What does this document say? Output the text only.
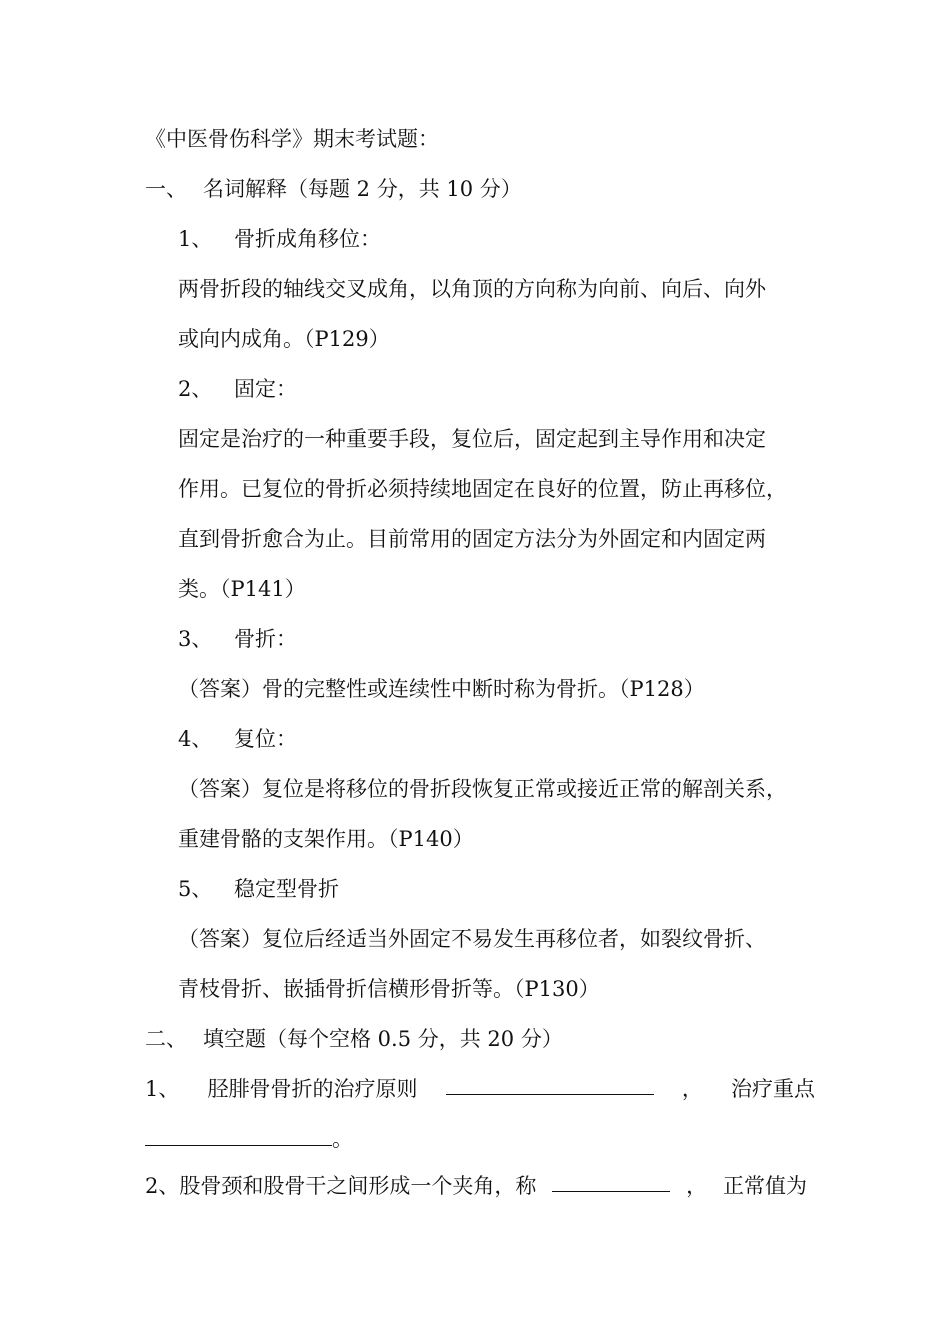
《中医骨伤科学》期末考试题：
一、 名词解释（每题 2 分，共 10 分）
1、 骨折成角移位：
两骨折段的轴线交叉成角，以角顶的方向称为向前、向后、向外
或向内成角。（P129）
2、 固定：
固定是治疗的一种重要手段，复位后，固定起到主导作用和决定
作用。已复位的骨折必须持续地固定在良好的位置，防止再移位，
直到骨折愈合为止。目前常用的固定方法分为外固定和内固定两
类。（P141）
3、 骨折：
（答案）骨的完整性或连续性中断时称为骨折。（P128）
4、 复位：
（答案）复位是将移位的骨折段恢复正常或接近正常的解剖关系，
重建骨骼的支架作用。（P140）
5、 稳定型骨折
（答案）复位后经适当外固定不易发生再移位者，如裂纹骨折、
青枝骨折、嵌插骨折信横形骨折等。（P130）
二、 填空题（每个空格 0.5 分，共 20 分）
1、 胫腓骨骨折的治疗原则	， 治疗重点
。
2、股骨颈和股骨干之间形成一个夹角，称	， 正常值为
